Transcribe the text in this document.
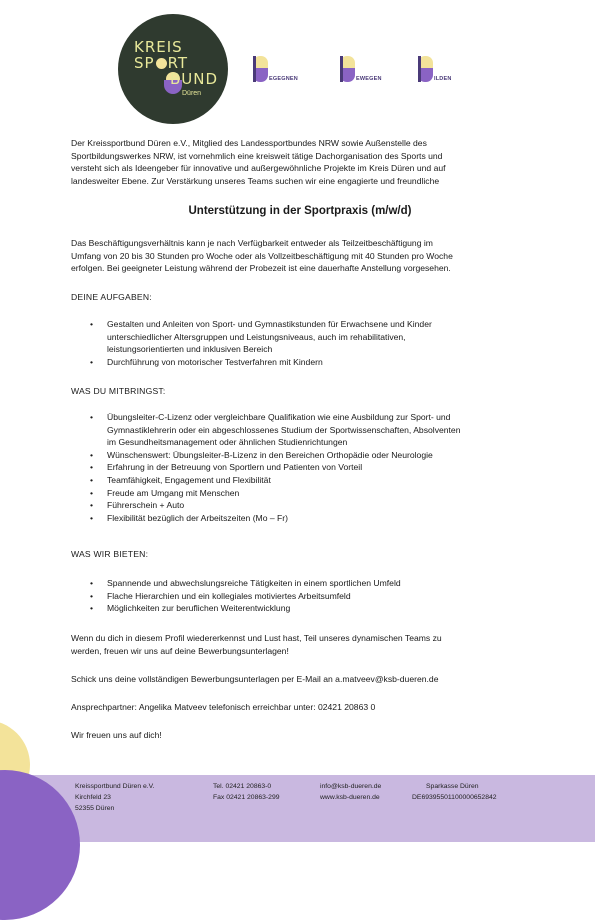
KREIS
SP RT
BUND
Düren
EGEGNEN	EWEGEN	ILDEN
Der Kreissportbund Düren e.V., Mitglied des Landessportbundes NRW sowie Außenstelle des
Sportbildungswerkes NRW, ist vornehmlich eine kreisweit tätige Dachorganisation des Sports und
versteht sich als Ideengeber für innovative und außergewöhnliche Projekte im Kreis Düren und auf
landesweiter Ebene. Zur Verstärkung unseres Teams suchen wir eine engagierte und freundliche
Unterstützung in der Sportpraxis (m/w/d)
Das Beschäftigungsverhältnis kann je nach Verfügbarkeit entweder als Teilzeitbeschäftigung im
Umfang von 20 bis 30 Stunden pro Woche oder als Vollzeitbeschäftigung mit 40 Stunden pro Woche
erfolgen. Bei geeigneter Leistung während der Probezeit ist eine dauerhafte Anstellung vorgesehen.
DEINE AUFGABEN:
• Gestalten und Anleiten von Sport- und Gymnastikstunden für Erwachsene und Kinder
unterschiedlicher Altersgruppen und Leistungsniveaus, auch im rehabilitativen,
leistungsorientierten und inklusiven Bereich
• Durchführung von motorischer Testverfahren mit Kindern
WAS DU MITBRINGST:
• Übungsleiter-C-Lizenz oder vergleichbare Qualifikation wie eine Ausbildung zur Sport- und
Gymnastiklehrerin oder ein abgeschlossenes Studium der Sportwissenschaften, Absolventen
im Gesundheitsmanagement oder ähnlichen Studienrichtungen
• Wünschenswert: Übungsleiter-B-Lizenz in den Bereichen Orthopädie oder Neurologie
• Erfahrung in der Betreuung von Sportlern und Patienten von Vorteil
• Teamfähigkeit, Engagement und Flexibilität
• Freude am Umgang mit Menschen
• Führerschein + Auto
• Flexibilität bezüglich der Arbeitszeiten (Mo – Fr)
WAS WIR BIETEN:
• Spannende und abwechslungsreiche Tätigkeiten in einem sportlichen Umfeld
• Flache Hierarchien und ein kollegiales motiviertes Arbeitsumfeld
• Möglichkeiten zur beruflichen Weiterentwicklung
Wenn du dich in diesem Profil wiedererkennst und Lust hast, Teil unseres dynamischen Teams zu
werden, freuen wir uns auf deine Bewerbungsunterlagen!
Schick uns deine vollständigen Bewerbungsunterlagen per E-Mail an a.matveev@ksb-dueren.de
Ansprechpartner: Angelika Matveev telefonisch erreichbar unter: 02421 20863 0
Wir freuen uns auf dich!
Kreissportbund Düren e.V.
Kirchfeld 23
52355 Düren
Tel. 02421 20863-0
Fax 02421 20863-299
info@ksb-dueren.de
www.ksb-dueren.de
Sparkasse Düren
DE69395501100000652842
